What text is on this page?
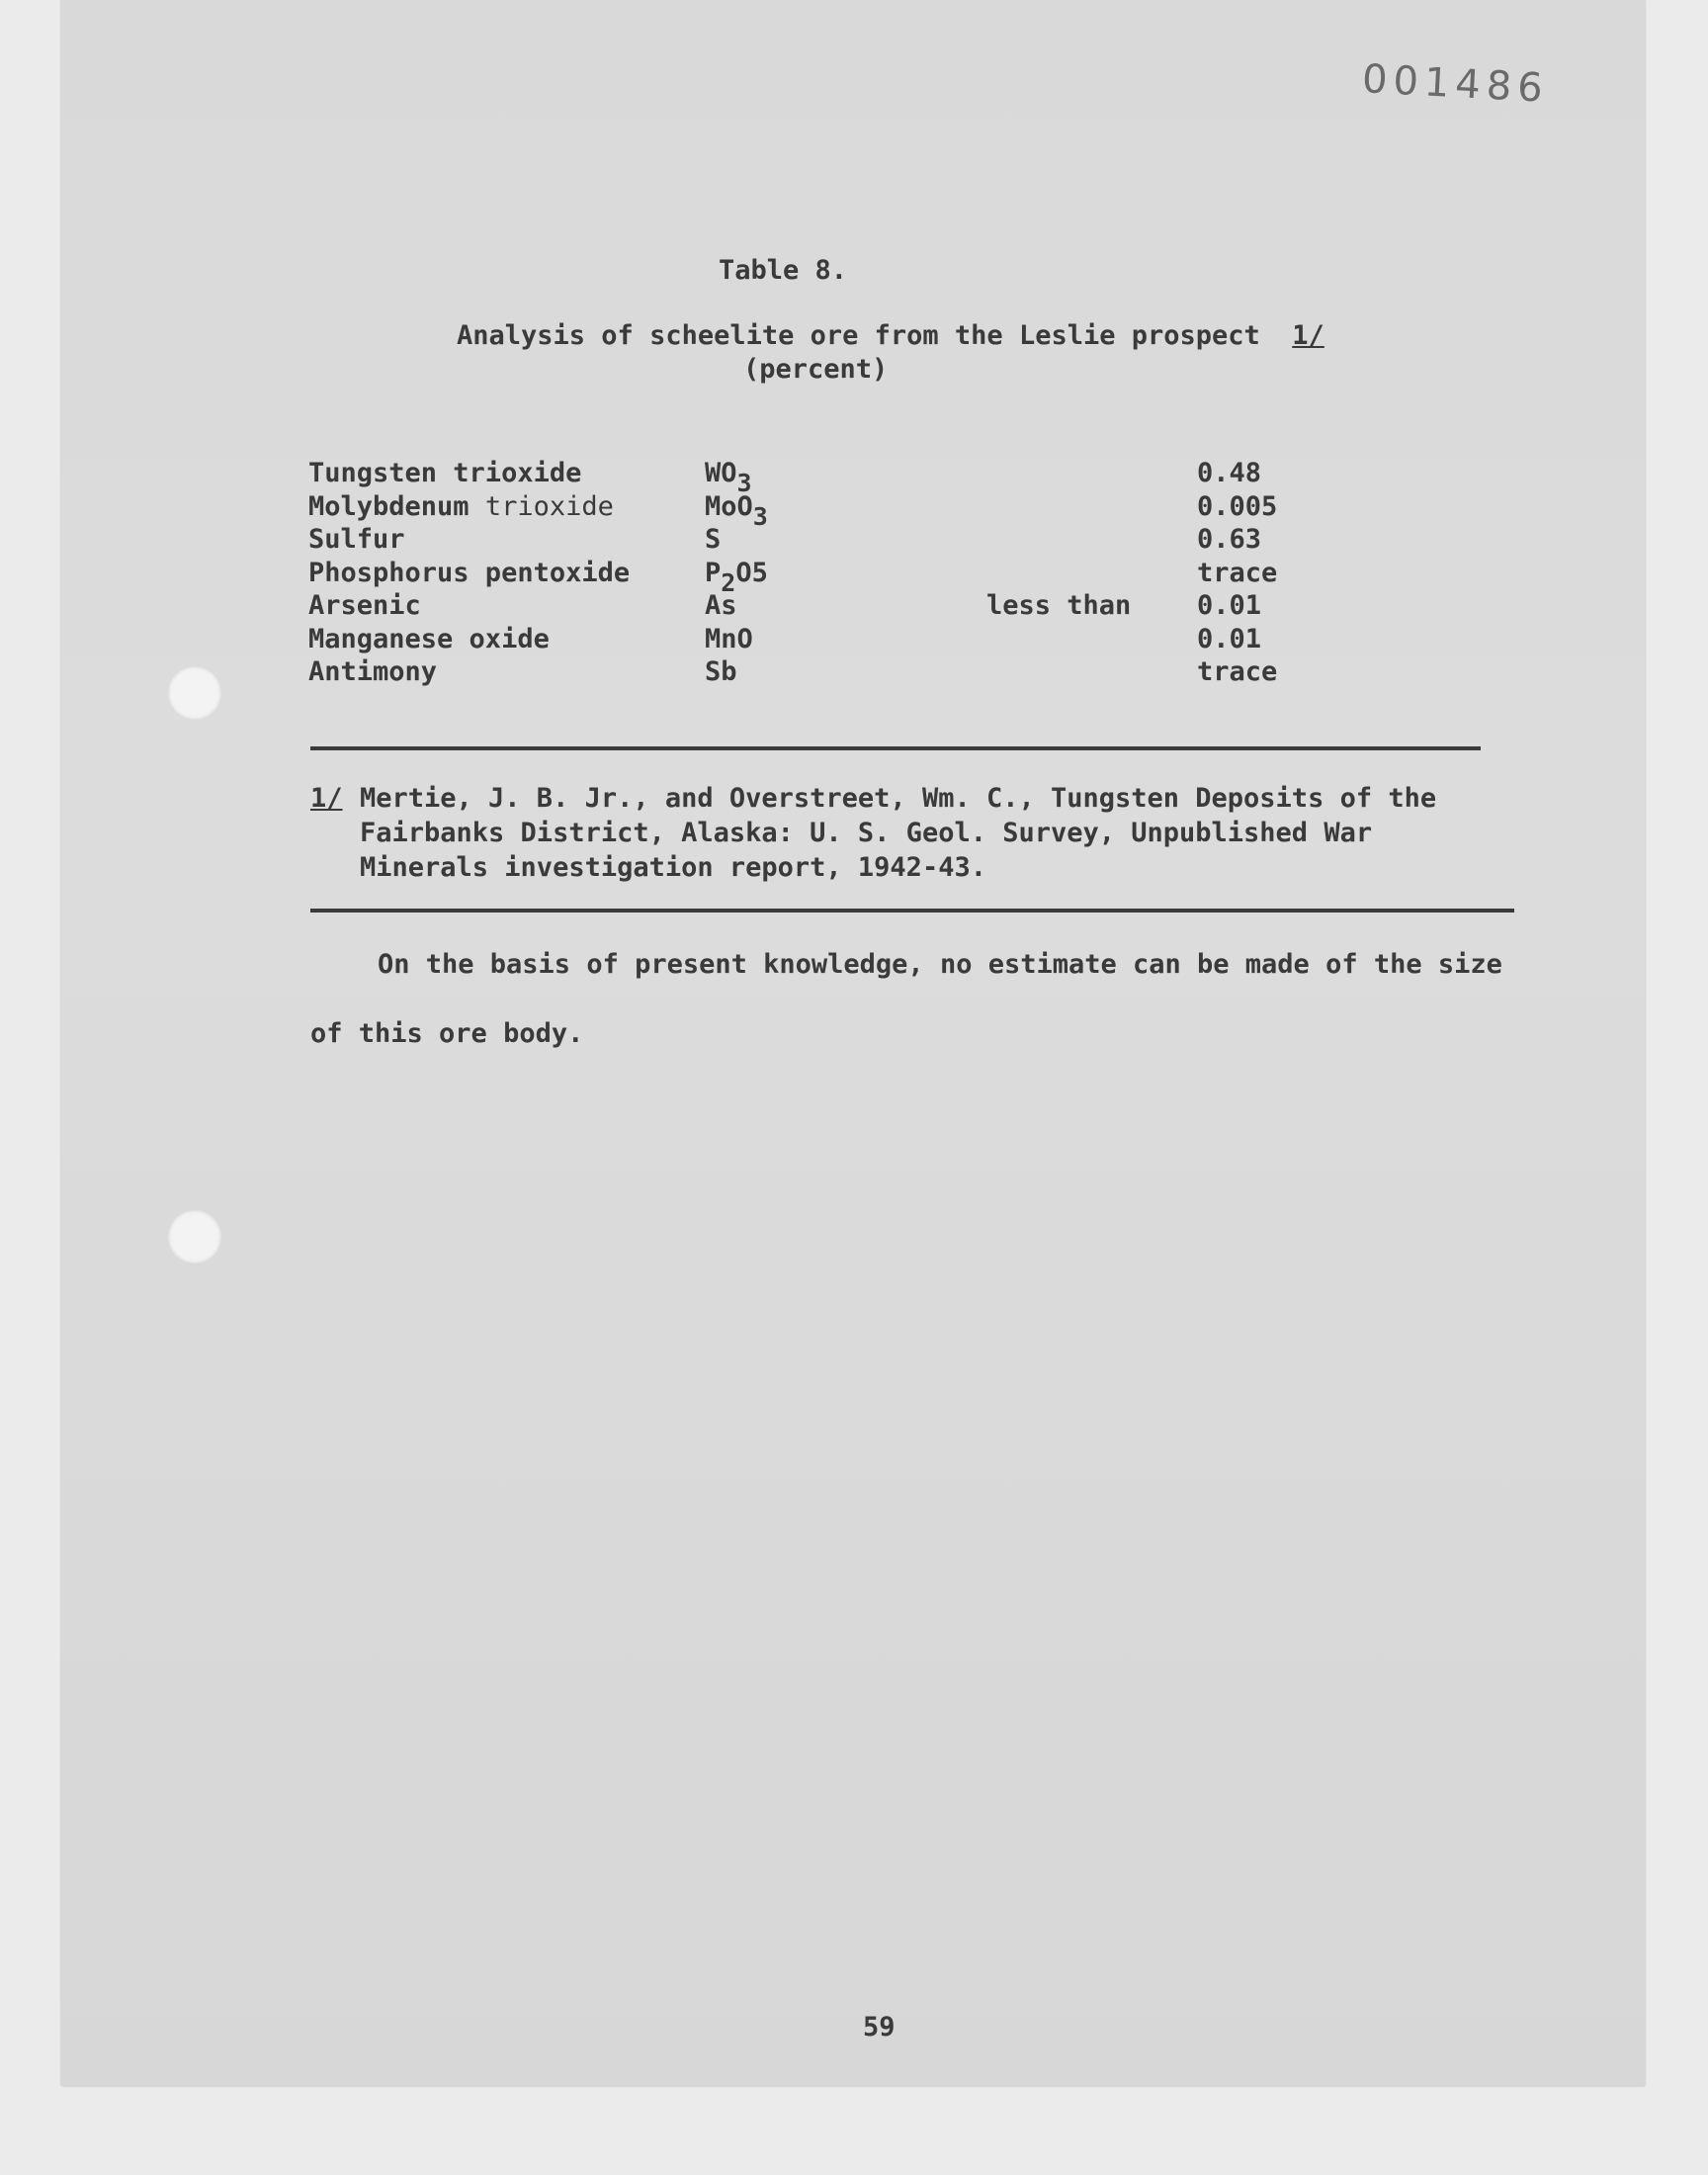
001486
Table 8.
Analysis of scheelite ore from the Leslie prospect 1/
(percent)
Tungsten trioxide	$WO_3$	0.48
Molybdenum trioxide	MoO$_3$	0.005
Sulfur	S	0.63
Phosphorus pentoxide	$P_2O5$	trace
Arsenic	As	less than 0.01
Manganese oxide	MnO	0.01
Antimony	Sb	trace
1/ Mertie, J. B. Jr., and Overstreet, Wm. C., Tungsten Deposits of the
Fairbanks District, Alaska: U. S. Geol. Survey, Unpublished War
Minerals investigation report, 1942-43.
On the basis of present knowledge, no estimate can be made of the size
of this ore body.
59
